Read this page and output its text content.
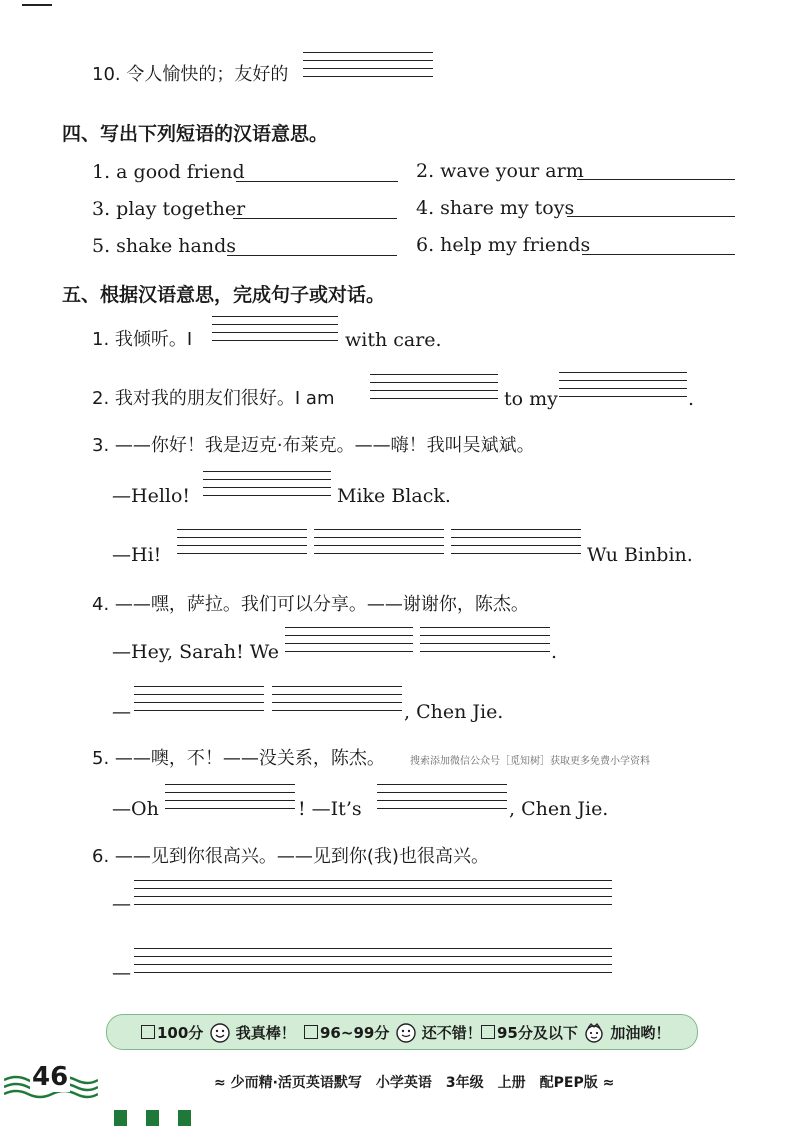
10. 令人愉快的；友好的
四、写出下列短语的汉语意思。
1. a good friend	2. wave your arm
3. play together	4. share my toys
5. shake hands	6. help my friends
五、根据汉语意思，完成句子或对话。
1. 我倾听。I	with care.
2. 我对我的朋友们很好。I am	to my	.
3. ——你好！我是迈克·布莱克。——嗨！我叫吴斌斌。
—Hello!	Mike Black.
—Hi!	Wu Binbin.
4. ——嘿，萨拉。我们可以分享。——谢谢你，陈杰。
—Hey, Sarah! We	.
—	, Chen Jie.
5. ——噢，不！——没关系，陈杰。	搜索添加微信公众号［觅知树］获取更多免费小学资料
—Oh	! —It’s	, Chen Jie.
6. ——见到你很高兴。——见到你(我)也很高兴。
—
—
100分 我真棒！	96~99分 还不错！	95分及以下 加油哟！
46	≈ 少而精·活页英语默写　小学英语　3年级　上册　配PEP版 ≈
